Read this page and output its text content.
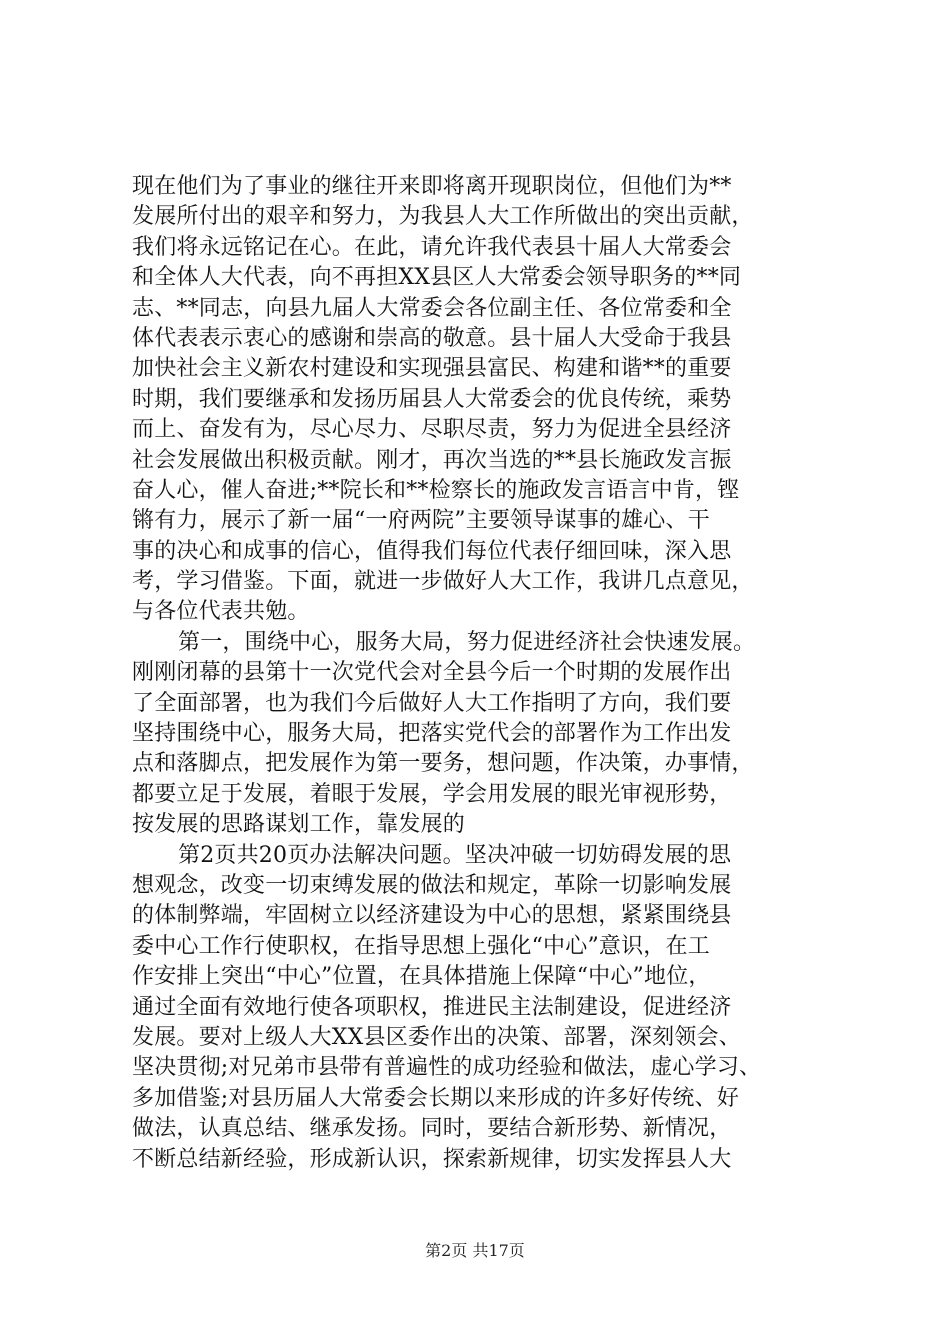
现在他们为了事业的继往开来即将离开现职岗位，但他们为**
发展所付出的艰辛和努力，为我县人大工作所做出的突出贡献，
我们将永远铭记在心。在此，请允许我代表县十届人大常委会
和全体人大代表，向不再担XX县区人大常委会领导职务的**同
志、**同志，向县九届人大常委会各位副主任、各位常委和全
体代表表示衷心的感谢和崇高的敬意。县十届人大受命于我县
加快社会主义新农村建设和实现强县富民、构建和谐**的重要
时期，我们要继承和发扬历届县人大常委会的优良传统，乘势
而上、奋发有为，尽心尽力、尽职尽责，努力为促进全县经济
社会发展做出积极贡献。刚才，再次当选的**县长施政发言振
奋人心，催人奋进;**院长和**检察长的施政发言语言中肯，铿
锵有力，展示了新一届“一府两院”主要领导谋事的雄心、干
事的决心和成事的信心，值得我们每位代表仔细回味，深入思
考，学习借鉴。下面，就进一步做好人大工作，我讲几点意见，
与各位代表共勉。
第一，围绕中心，服务大局，努力促进经济社会快速发展。
刚刚闭幕的县第十一次党代会对全县今后一个时期的发展作出
了全面部署，也为我们今后做好人大工作指明了方向，我们要
坚持围绕中心，服务大局，把落实党代会的部署作为工作出发
点和落脚点，把发展作为第一要务，想问题，作决策，办事情，
都要立足于发展，着眼于发展，学会用发展的眼光审视形势，
按发展的思路谋划工作，靠发展的
第2页共20页办法解决问题。坚决冲破一切妨碍发展的思
想观念，改变一切束缚发展的做法和规定，革除一切影响发展
的体制弊端，牢固树立以经济建设为中心的思想，紧紧围绕县
委中心工作行使职权，在指导思想上强化“中心”意识，在工
作安排上突出“中心”位置，在具体措施上保障“中心”地位，
通过全面有效地行使各项职权，推进民主法制建设，促进经济
发展。要对上级人大XX县区委作出的决策、部署，深刻领会、
坚决贯彻;对兄弟市县带有普遍性的成功经验和做法，虚心学习、
多加借鉴;对县历届人大常委会长期以来形成的许多好传统、好
做法，认真总结、继承发扬。同时，要结合新形势、新情况，
不断总结新经验，形成新认识，探索新规律，切实发挥县人大
第2页 共17页
